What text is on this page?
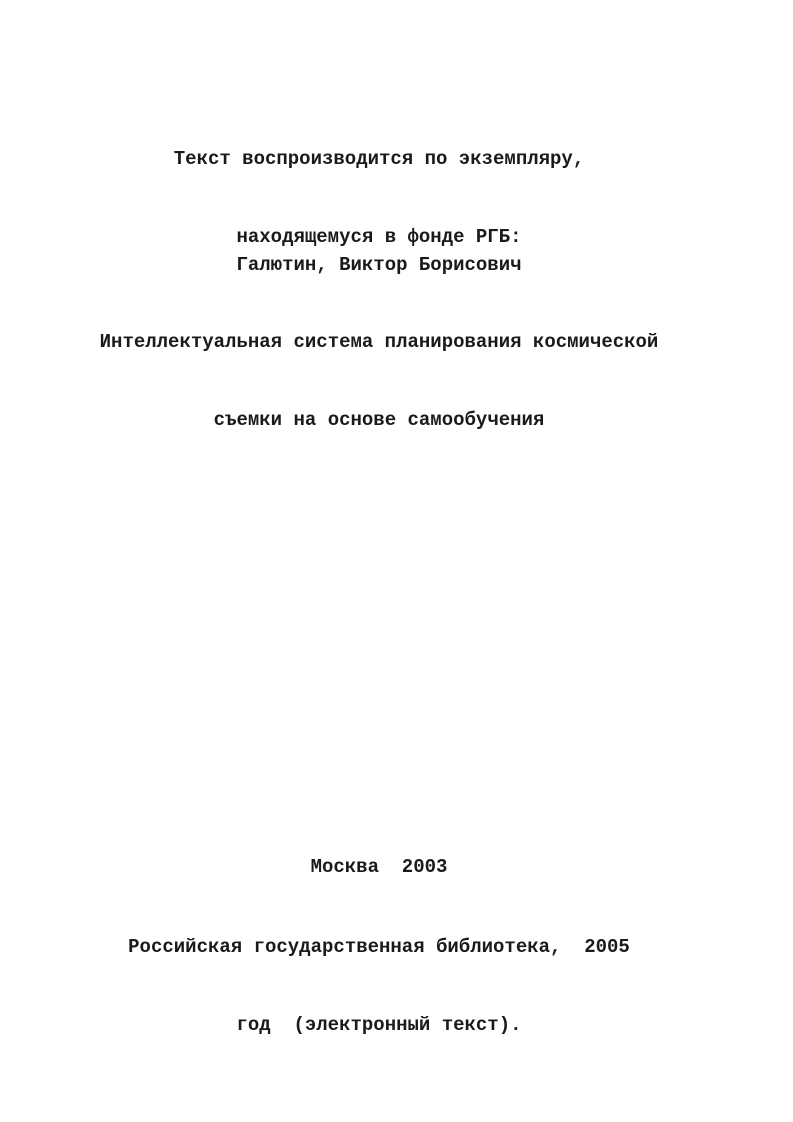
Текст воспроизводится по экземпляру,

находящемуся в фонде РГБ:

Галютин, Виктор Борисович

Интеллектуальная система планирования космической

съемки на основе самообучения

Москва  2003

Российская государственная библиотека,  2005

год  (электронный текст).
